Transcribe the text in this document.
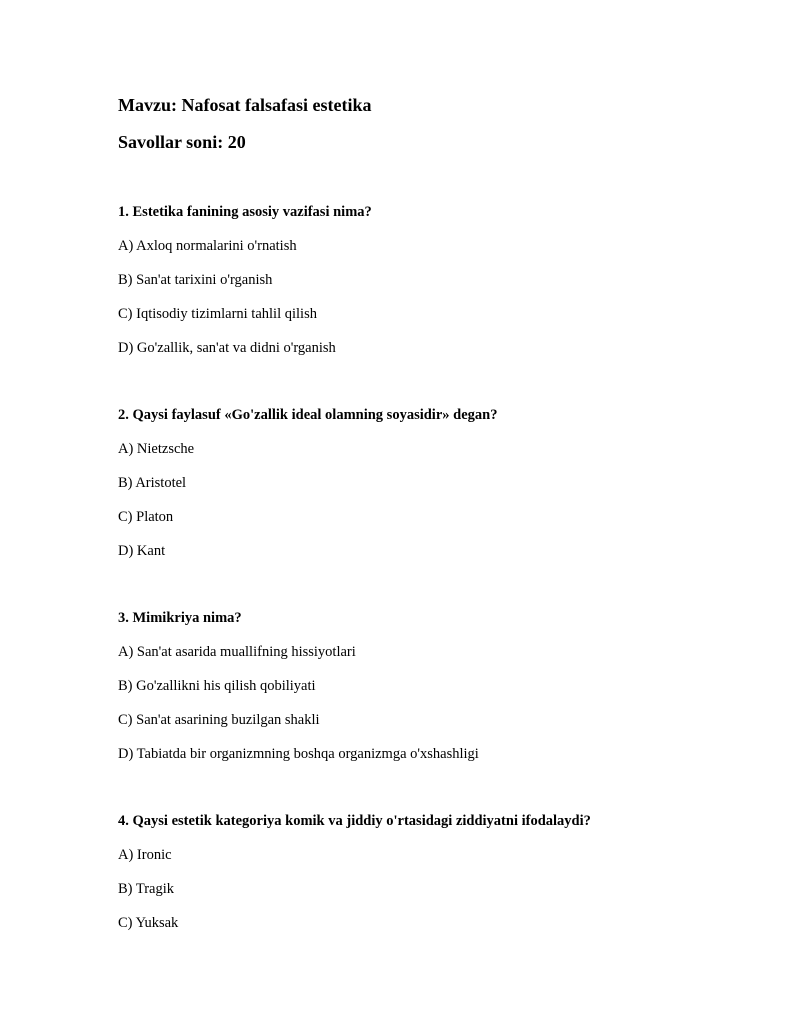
Mavzu: Nafosat falsafasi estetika
Savollar soni: 20
1. Estetika fanining asosiy vazifasi nima?
A) Axloq normalarini o'rnatish
B) San'at tarixini o'rganish
C) Iqtisodiy tizimlarni tahlil qilish
D) Go'zallik, san'at va didni o'rganish
2. Qaysi faylasuf «Go'zallik ideal olamning soyasidir» degan?
A) Nietzsche
B) Aristotel
C) Platon
D) Kant
3. Mimikriya nima?
A) San'at asarida muallifning hissiyotlari
B) Go'zallikni his qilish qobiliyati
C) San'at asarining buzilgan shakli
D) Tabiatda bir organizmning boshqa organizmga o'xshashligi
4. Qaysi estetik kategoriya komik va jiddiy o'rtasidagi ziddiyatni ifodalaydi?
A) Ironic
B) Tragik
C) Yuksak
